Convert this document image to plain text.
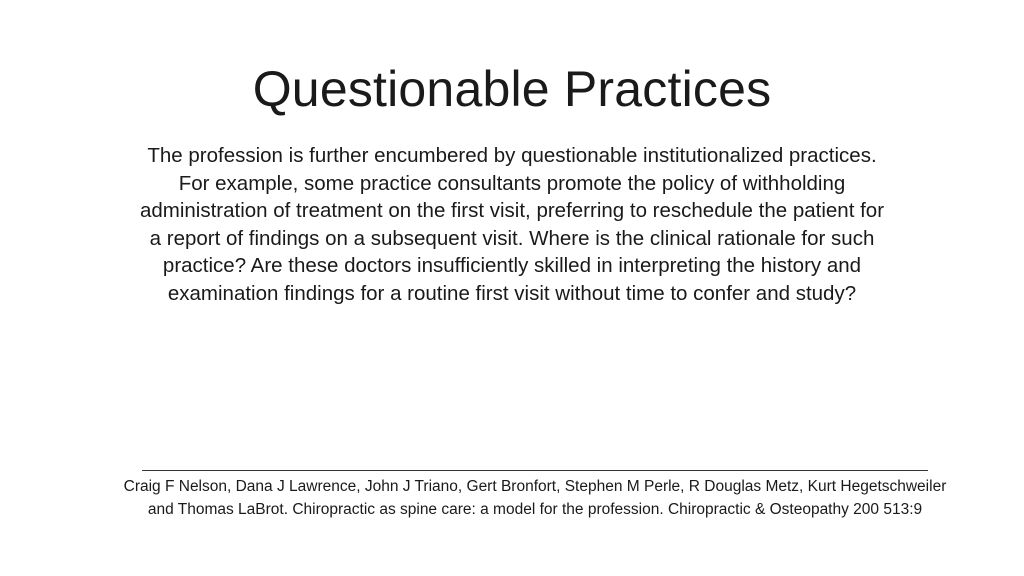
Questionable Practices

The profession is further encumbered by questionable institutionalized practices. For example, some practice consultants promote the policy of withholding administration of treatment on the first visit, preferring to reschedule the patient for a report of findings on a subsequent visit. Where is the clinical rationale for such practice? Are these doctors insufficiently skilled in interpreting the history and examination findings for a routine first visit without time to confer and study?

Craig F Nelson, Dana J Lawrence, John J Triano, Gert Bronfort, Stephen M Perle, R Douglas Metz, Kurt Hegetschweiler and Thomas LaBrot. Chiropractic as spine care: a model for the profession. Chiropractic & Osteopathy 200 513:9
